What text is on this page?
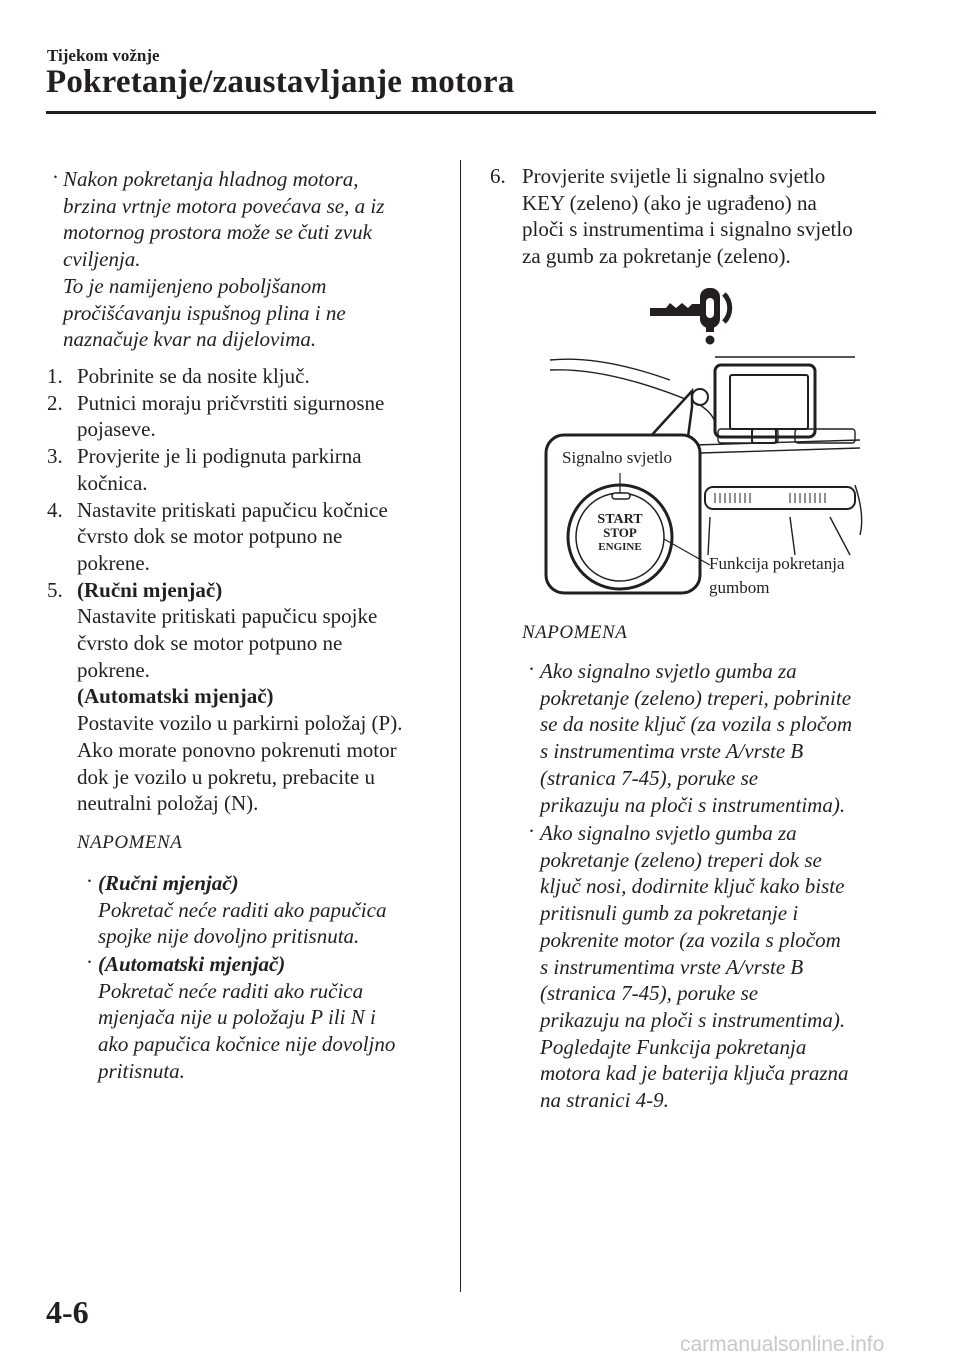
Tijekom vožnje
Pokretanje/zaustavljanje motora
· Nakon pokretanja hladnog motora,
brzina vrtnje motora povećava se, a iz
motornog prostora može se čuti zvuk
cviljenja.
To je namijenjeno poboljšanom
pročišćavanju ispušnog plina i ne
naznačuje kvar na dijelovima.
1. Pobrinite se da nosite ključ.
2. Putnici moraju pričvrstiti sigurnosne
pojaseve.
3. Provjerite je li podignuta parkirna
kočnica.
4. Nastavite pritiskati papučicu kočnice
čvrsto dok se motor potpuno ne
pokrene.
5. (Ručni mjenjač)
Nastavite pritiskati papučicu spojke
čvrsto dok se motor potpuno ne
pokrene.
(Automatski mjenjač)
Postavite vozilo u parkirni položaj (P).
Ako morate ponovno pokrenuti motor
dok je vozilo u pokretu, prebacite u
neutralni položaj (N).
NAPOMENA
· (Ručni mjenjač)
Pokretač neće raditi ako papučica
spojke nije dovoljno pritisnuta.
· (Automatski mjenjač)
Pokretač neće raditi ako ručica
mjenjača nije u položaju P ili N i
ako papučica kočnice nije dovoljno
pritisnuta.
6. Provjerite svijetle li signalno svjetlo
KEY (zeleno) (ako je ugrađeno) na
ploči s instrumentima i signalno svjetlo
za gumb za pokretanje (zeleno).
START
STOP
ENGINE
Signalno svjetlo
Funkcija pokretanja
gumbom
NAPOMENA
· Ako signalno svjetlo gumba za
pokretanje (zeleno) treperi, pobrinite
se da nosite ključ (za vozila s pločom
s instrumentima vrste A/vrste B
(stranica 7-45), poruke se
prikazuju na ploči s instrumentima).
· Ako signalno svjetlo gumba za
pokretanje (zeleno) treperi dok se
ključ nosi, dodirnite ključ kako biste
pritisnuli gumb za pokretanje i
pokrenite motor (za vozila s pločom
s instrumentima vrste A/vrste B
(stranica 7-45), poruke se
prikazuju na ploči s instrumentima).
Pogledajte Funkcija pokretanja
motora kad je baterija ključa prazna
na stranici 4-9.
4-6
carmanualsonline.info
